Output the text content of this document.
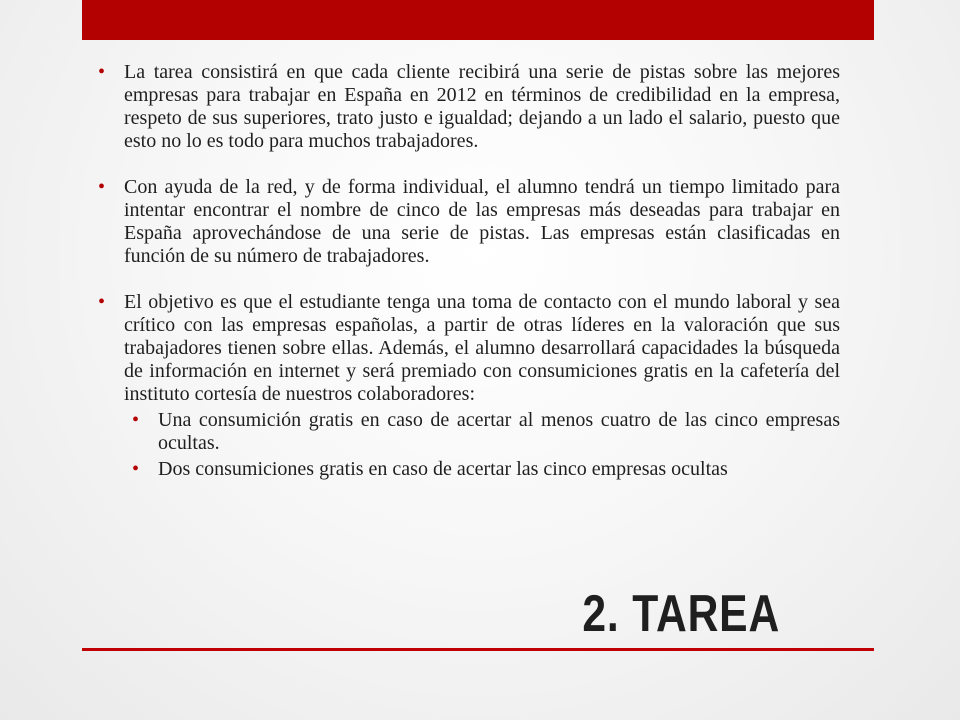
• La tarea consistirá en que cada cliente recibirá una serie de pistas sobre las mejores empresas para trabajar en España en 2012 en términos de credibilidad en la empresa, respeto de sus superiores, trato justo e igualdad; dejando a un lado el salario, puesto que esto no lo es todo para muchos trabajadores.

• Con ayuda de la red, y de forma individual, el alumno tendrá un tiempo limitado para intentar encontrar el nombre de cinco de las empresas más deseadas para trabajar en España aprovechándose de una serie de pistas. Las empresas están clasificadas en función de su número de trabajadores.

• El objetivo es que el estudiante tenga una toma de contacto con el mundo laboral y sea crítico con las empresas españolas, a partir de otras líderes en la valoración que sus trabajadores tienen sobre ellas. Además, el alumno desarrollará capacidades la búsqueda de información en internet y será premiado con consumiciones gratis en la cafetería del instituto cortesía de nuestros colaboradores:

• Una consumición gratis en caso de acertar al menos cuatro de las cinco empresas ocultas.

• Dos consumiciones gratis en caso de acertar las cinco empresas ocultas

2. TAREA
